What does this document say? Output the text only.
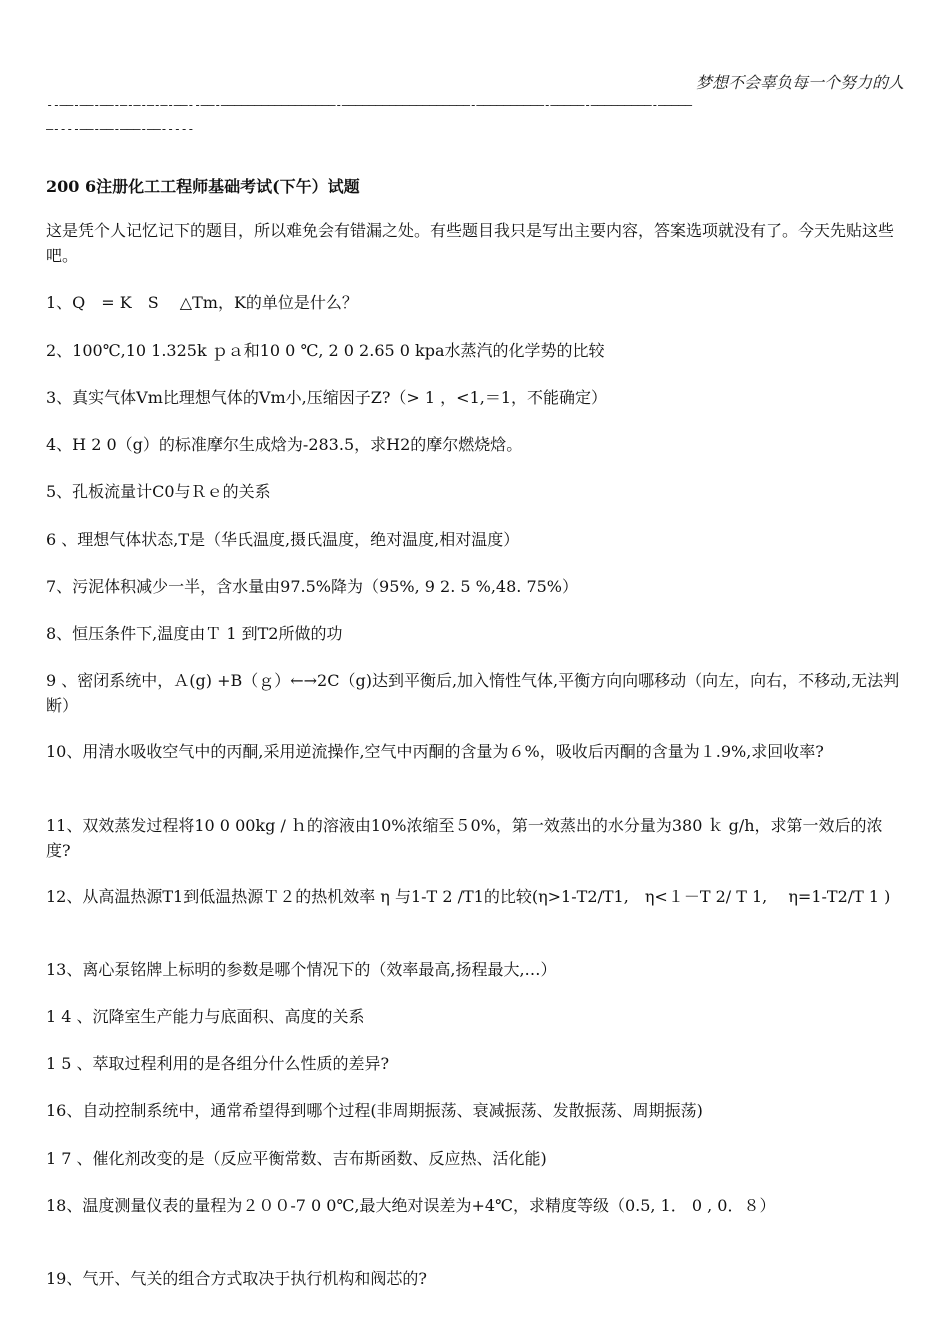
梦想不会辜负每一个努力的人
--——-——-——-—-—-—-—-——--——-—————————————————-———————————————————-——————————-—————-—————————-—————
—----——-——-———-——-----
200 6注册化工工程师基础考试(下午）试题

这是凭个人记忆记下的题目，所以难免会有错漏之处。有些题目我只是写出主要内容，答案选项就没有了。今天先贴这些吧。

1、Q　= K　S　 △Tm，K的单位是什么？

2、100℃,10 1.325k ｐａ和10 0 ℃, 2 0 2.65 0 kpa水蒸汽的化学势的比较

3、真实气体Vm比理想气体的Vm小,压缩因子Z?（> 1 ，<1,＝1，不能确定）

4、H 2 0（g）的标准摩尔生成焓为-283.5，求H2的摩尔燃烧焓。

5、孔板流量计C0与Ｒｅ的关系

6 、理想气体状态,T是（华氏温度,摄氏温度，绝对温度,相对温度）

7、污泥体积减少一半，含水量由97.5%降为（95%, 9 2. 5 %,48. 75%）

8、恒压条件下,温度由Ｔ 1 到T2所做的功

9 、密闭系统中，Ａ(g) +B（ｇ）←→2C（g)达到平衡后,加入惰性气体,平衡方向向哪移动（向左，向右，不移动,无法判断）

10、用清水吸收空气中的丙酮,采用逆流操作,空气中丙酮的含量为６%，吸收后丙酮的含量为１.9%,求回收率?

11、双效蒸发过程将10 0 00kg / ｈ的溶液由10%浓缩至５0%，第一效蒸出的水分量为380 ｋ g/h，求第一效后的浓度?

12、从高温热源T1到低温热源Ｔ２的热机效率 η 与1-T 2 /T1的比较(η>1-T2/T1,　η<１－T 2/ T 1,　 η=1-T2/T 1 )

13、离心泵铭牌上标明的参数是哪个情况下的（效率最高,扬程最大,…）

1 4 、沉降室生产能力与底面积、高度的关系

1 5 、萃取过程利用的是各组分什么性质的差异?

16、自动控制系统中，通常希望得到哪个过程(非周期振荡、衰减振荡、发散振荡、周期振荡)

1 7 、催化剂改变的是（反应平衡常数、吉布斯函数、反应热、活化能)

18、温度测量仪表的量程为２００-7 0 0℃,最大绝对误差为+4℃，求精度等级（0.5, 1． 0 , 0．８）

19、气开、气关的组合方式取决于执行机构和阀芯的?
